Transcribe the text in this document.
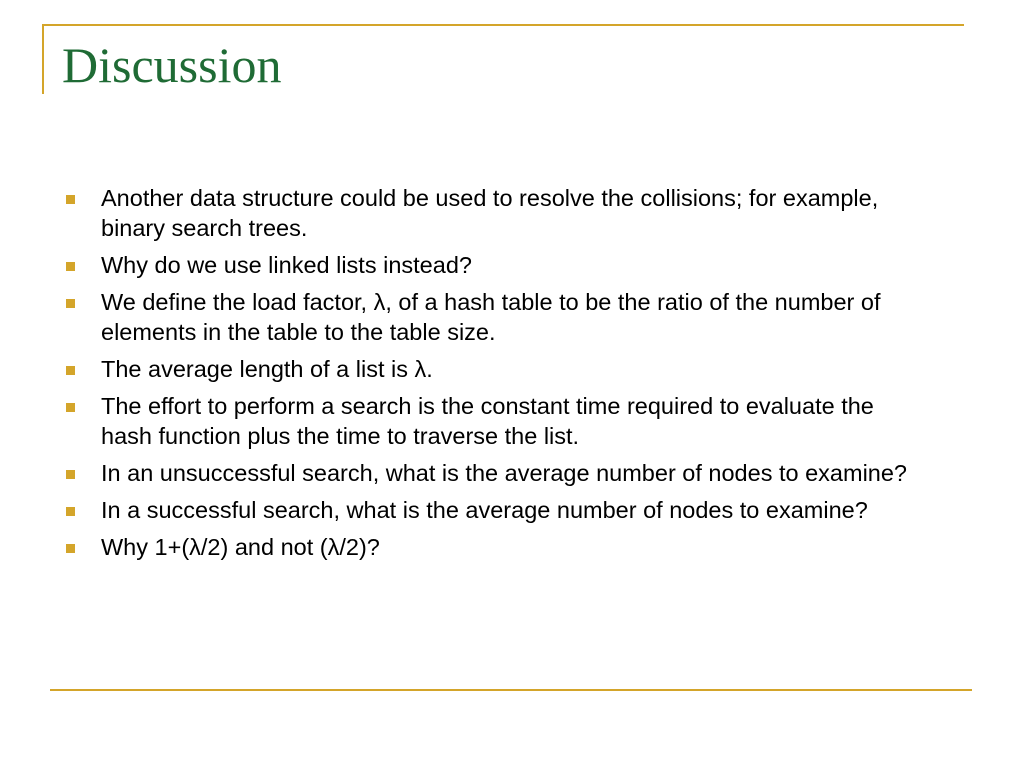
Discussion
Another data structure could be used to resolve the collisions; for example, binary search trees.
Why do we use linked lists instead?
We define the load factor, λ, of a hash table to be the ratio of the number of elements in the table to the table size.
The average length of a list is λ.
The effort to perform a search is the constant time required to evaluate the hash function plus the time to traverse the list.
In an unsuccessful search, what is the average number of nodes to examine?
In a successful search, what is the average number of nodes to examine?
Why 1+(λ/2) and not (λ/2)?
